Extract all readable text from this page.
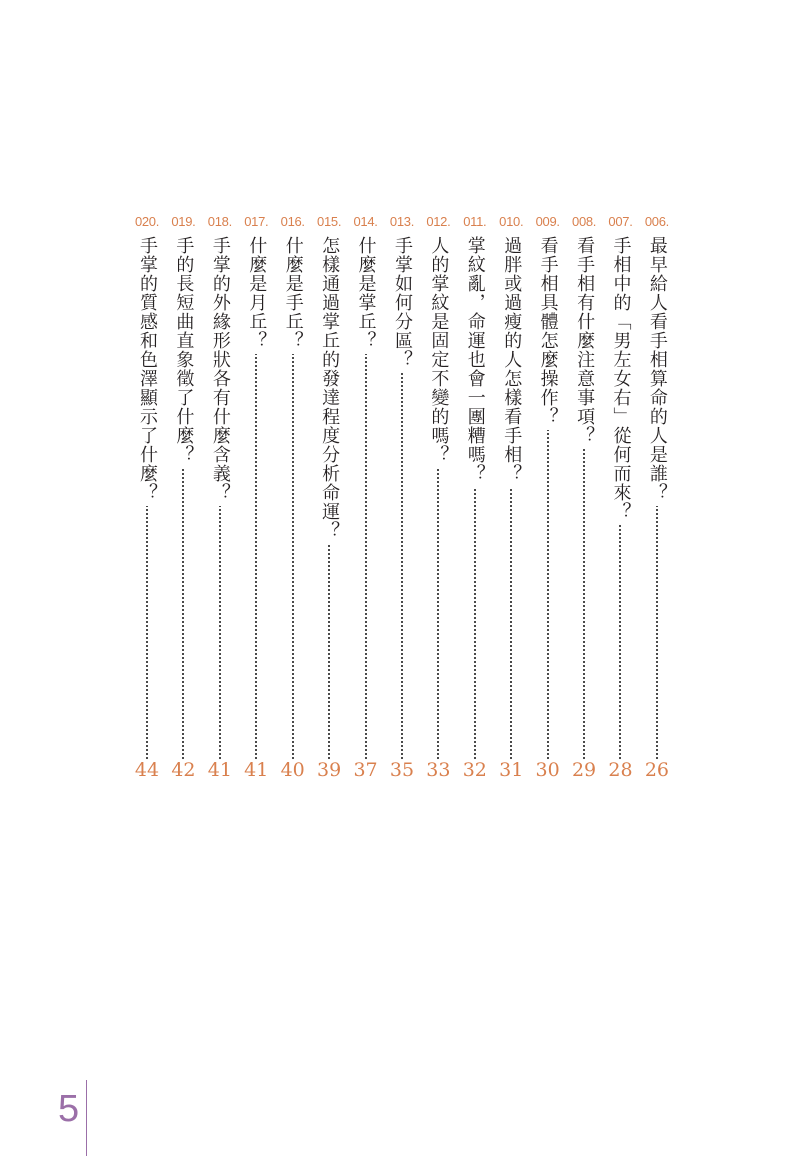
006.
最早給人看手相算命的人是誰？
26
007.
手相中的「男左女右」從何而來？
28
008.
看手相有什麼注意事項？
29
009.
看手相具體怎麼操作？
30
010.
過胖或過瘦的人怎樣看手相？
31
011.
掌紋亂，命運也會一團糟嗎？
32
012.
人的掌紋是固定不變的嗎？
33
013.
手掌如何分區？
35
014.
什麼是掌丘？
37
015.
怎樣通過掌丘的發達程度分析命運？
39
016.
什麼是手丘？
40
017.
什麼是月丘？
41
018.
手掌的外緣形狀各有什麼含義？
41
019.
手的長短曲直象徵了什麼？
42
020.
手掌的質感和色澤顯示了什麼？
44
5
